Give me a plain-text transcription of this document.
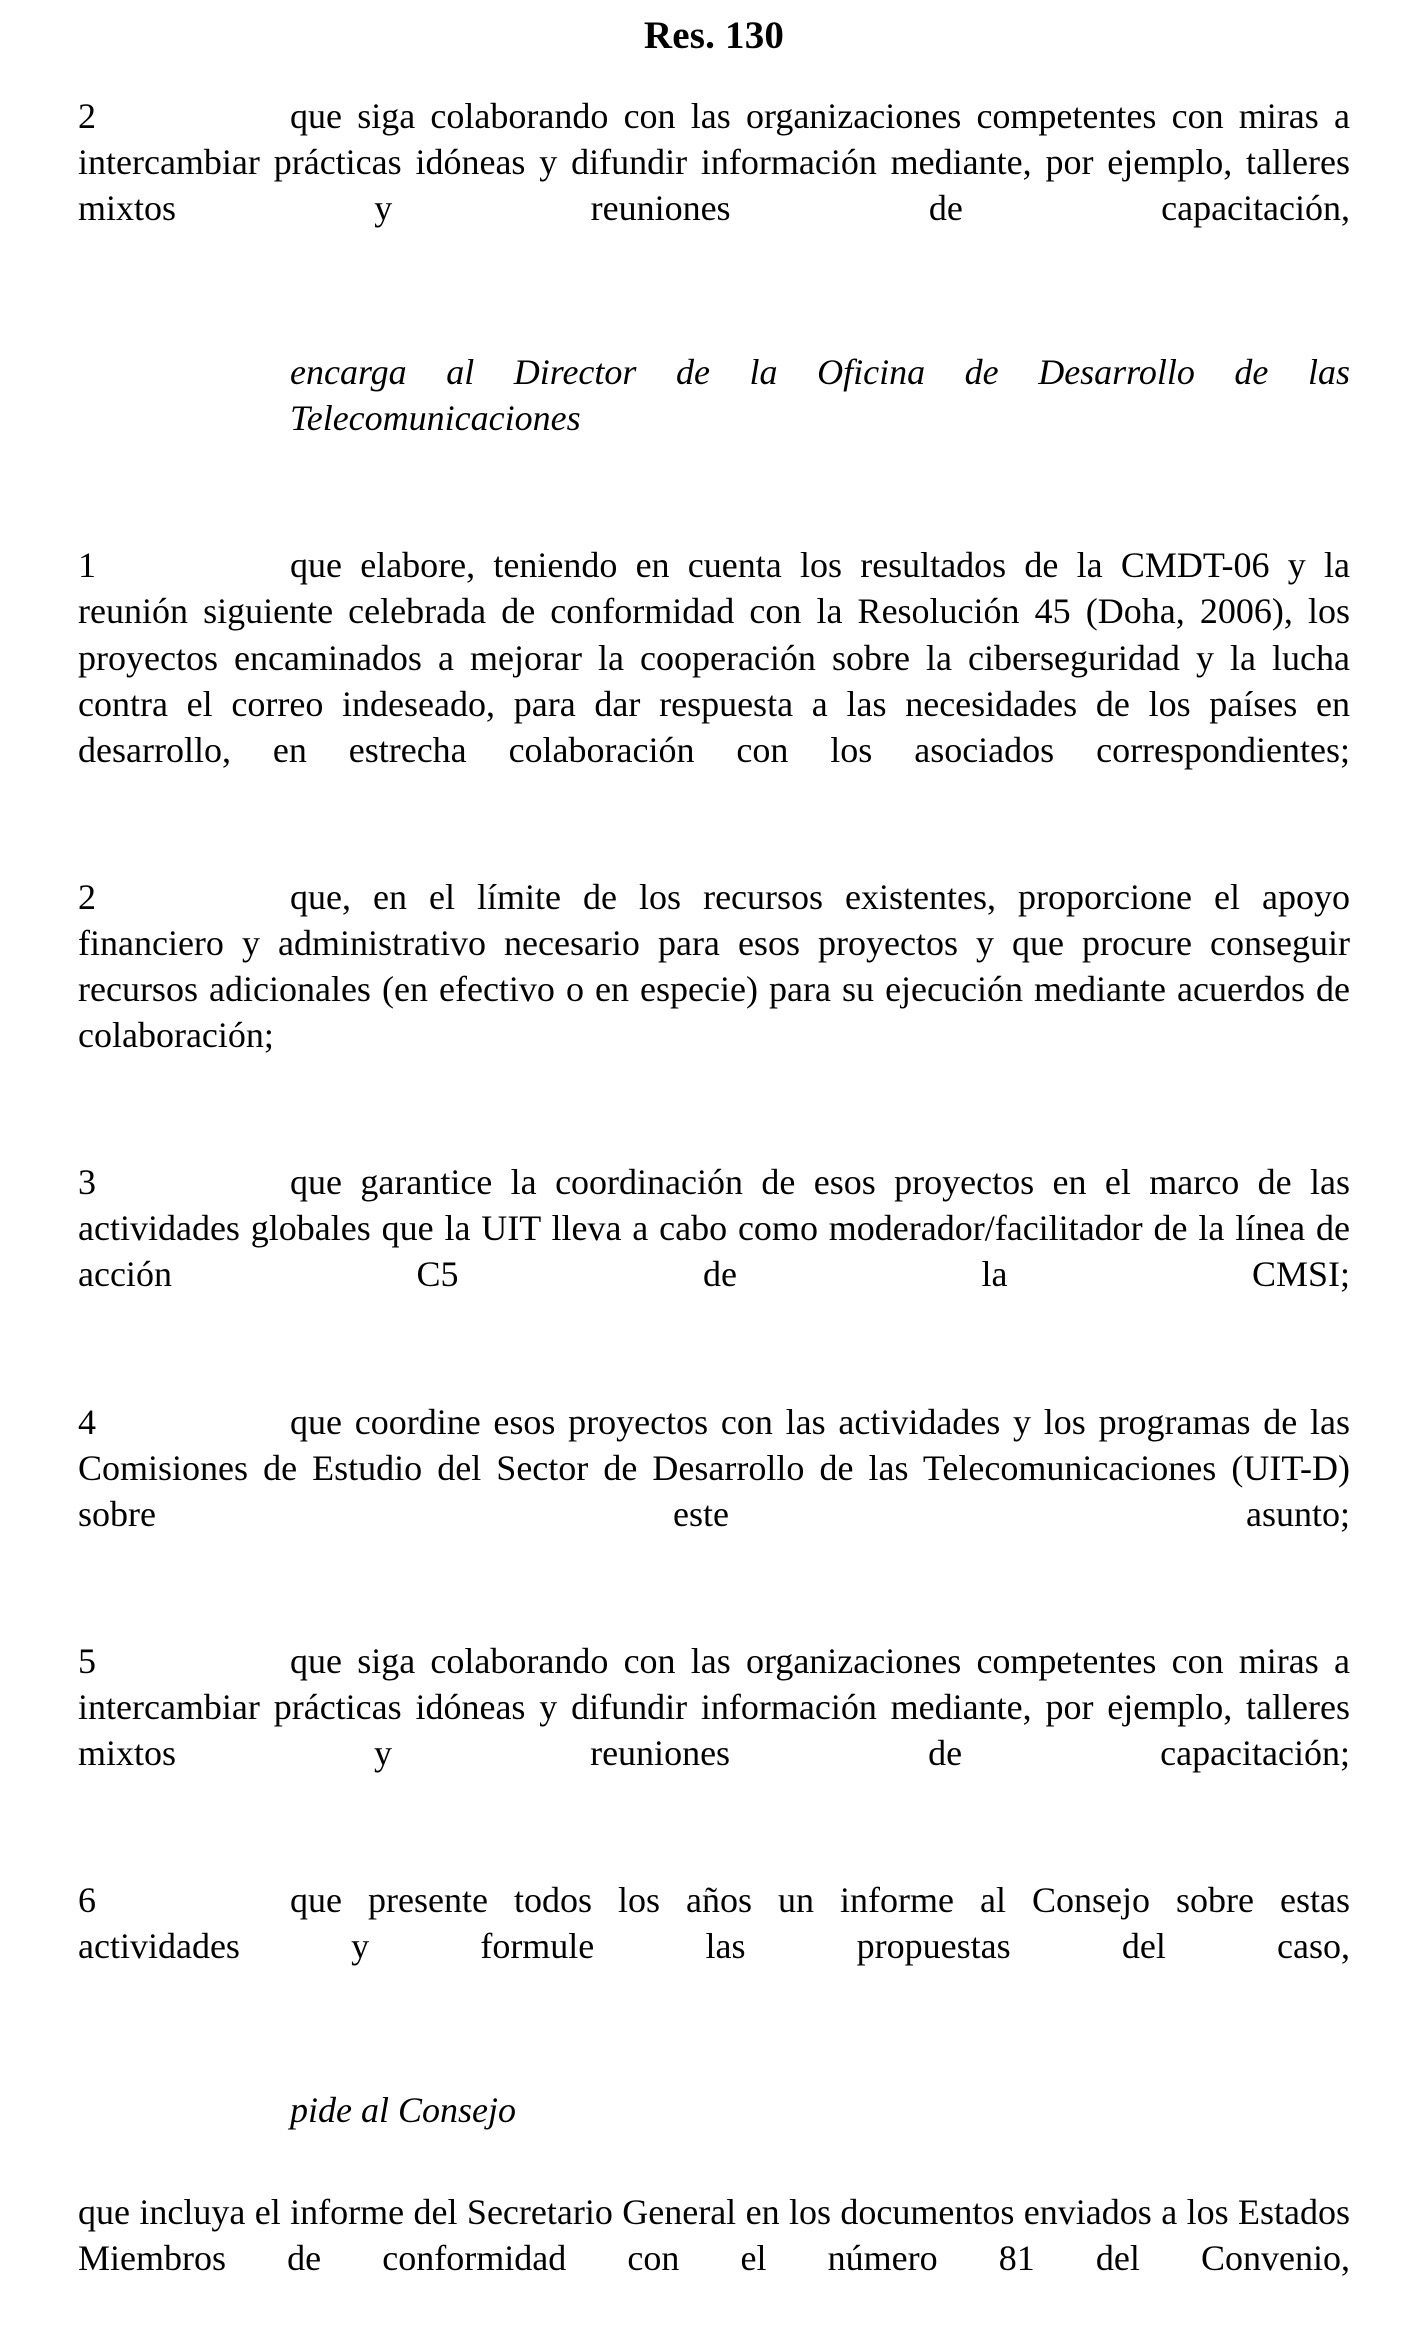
Res. 130
2	que siga colaborando con las organizaciones competentes con miras a intercambiar prácticas idóneas y difundir información mediante, por ejemplo, talleres mixtos y reuniones de capacitación,
encarga al Director de la Oficina de Desarrollo de las Telecomunicaciones
1	que elabore, teniendo en cuenta los resultados de la CMDT-06 y la reunión siguiente celebrada de conformidad con la Resolución 45 (Doha, 2006), los proyectos encaminados a mejorar la cooperación sobre la ciberseguridad y la lucha contra el correo indeseado, para dar respuesta a las necesidades de los países en desarrollo, en estrecha colaboración con los asociados correspondientes;
2	que, en el límite de los recursos existentes, proporcione el apoyo financiero y administrativo necesario para esos proyectos y que procure conseguir recursos adicionales (en efectivo o en especie) para su ejecución mediante acuerdos de colaboración;
3	que garantice la coordinación de esos proyectos en el marco de las actividades globales que la UIT lleva a cabo como moderador/facilitador de la línea de acción C5 de la CMSI;
4	que coordine esos proyectos con las actividades y los programas de las Comisiones de Estudio del Sector de Desarrollo de las Telecomunicaciones (UIT-D) sobre este asunto;
5	que siga colaborando con las organizaciones competentes con miras a intercambiar prácticas idóneas y difundir información mediante, por ejemplo, talleres mixtos y reuniones de capacitación;
6	que presente todos los años un informe al Consejo sobre estas actividades y formule las propuestas del caso,
pide al Consejo
que incluya el informe del Secretario General en los documentos enviados a los Estados Miembros de conformidad con el número 81 del Convenio,
